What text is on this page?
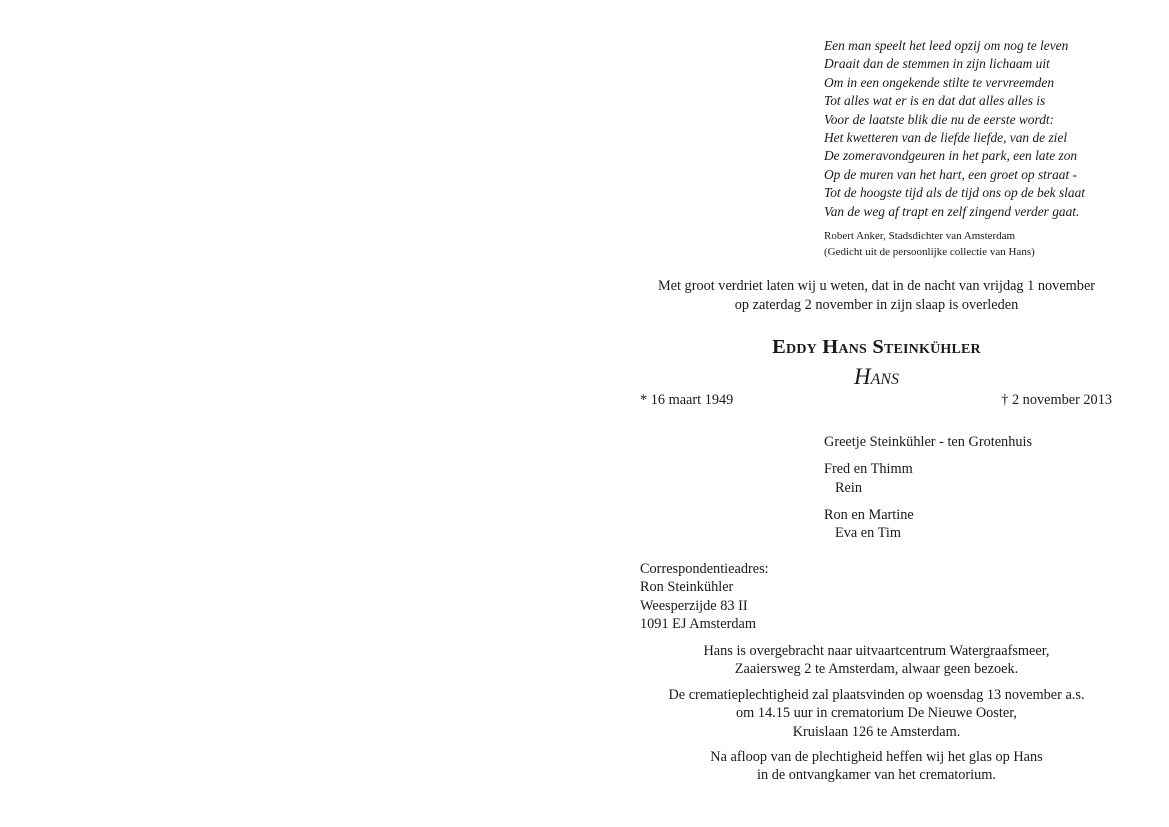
Een man speelt het leed opzij om nog te leven
Draait dan de stemmen in zijn lichaam uit
Om in een ongekende stilte te vervreemden
Tot alles wat er is en dat dat alles alles is
Voor de laatste blik die nu de eerste wordt:
Het kwetteren van de liefde liefde, van de ziel
De zomeravondgeuren in het park, een late zon
Op de muren van het hart, een groet op straat -
Tot de hoogste tijd als de tijd ons op de bek slaat
Van de weg af trapt en zelf zingend verder gaat.
Robert Anker, Stadsdichter van Amsterdam
(Gedicht uit de persoonlijke collectie van Hans)
Met groot verdriet laten wij u weten, dat in de nacht van vrijdag 1 november
op zaterdag 2 november in zijn slaap is overleden
Eddy Hans Steinkühler
Hans
* 16 maart 1949	† 2 november 2013
Greetje Steinkühler - ten Grotenhuis
Fred en Thimm
Rein
Ron en Martine
Eva en Tim
Correspondentieadres:
Ron Steinkühler
Weesperzijde 83 II
1091 EJ Amsterdam
Hans is overgebracht naar uitvaartcentrum Watergraafsmeer,
Zaaiersweg 2 te Amsterdam, alwaar geen bezoek.
De crematieplechtigheid zal plaatsvinden op woensdag 13 november a.s.
om 14.15 uur in crematorium De Nieuwe Ooster,
Kruislaan 126 te Amsterdam.
Na afloop van de plechtigheid heffen wij het glas op Hans
in de ontvangkamer van het crematorium.
